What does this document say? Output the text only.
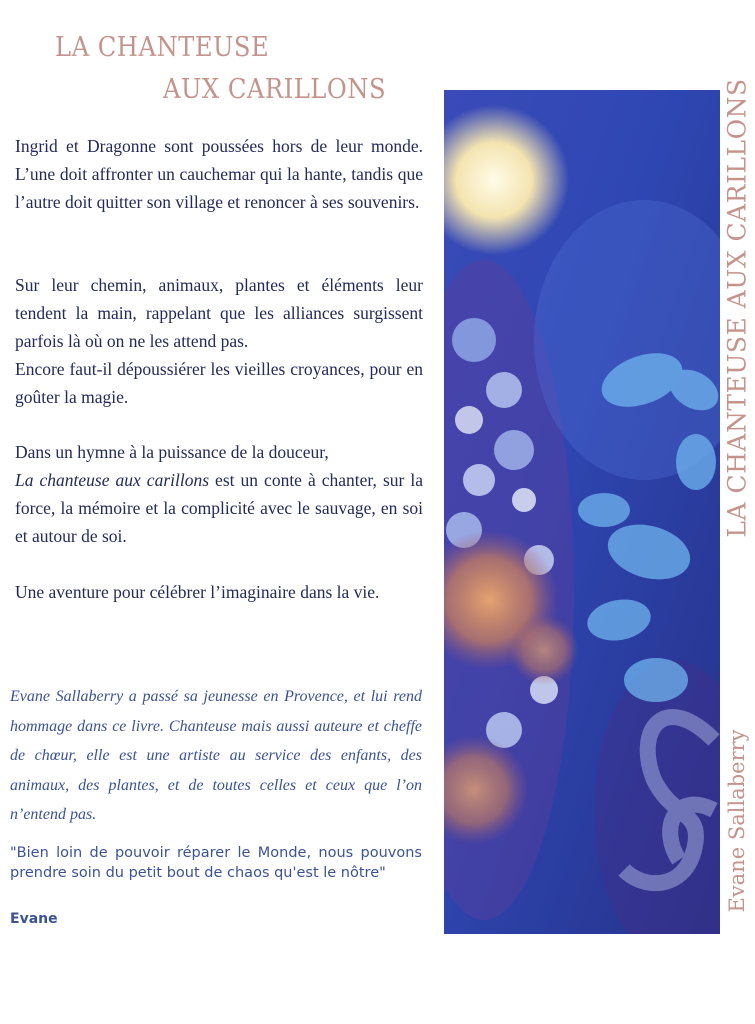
LA CHANTEUSE
AUX CARILLONS

Ingrid et Dragonne sont poussées hors de leur monde. L’une doit affronter un cauchemar qui la hante, tandis que l’autre doit quitter son village et renoncer à ses souvenirs.

Sur leur chemin, animaux, plantes et éléments leur tendent la main, rappelant que les alliances surgissent parfois là où on ne les attend pas.
Encore faut-il dépoussiérer les vieilles croyances, pour en goûter la magie.
Dans un hymne à la puissance de la douceur,
La chanteuse aux carillons est un conte à chanter, sur la force, la mémoire et la complicité avec le sauvage, en soi et autour de soi.

Une aventure pour célébrer l’imaginaire dans la vie.

Evane Sallaberry a passé sa jeunesse en Provence, et lui rend hommage dans ce livre. Chanteuse mais aussi auteure et cheffe de chœur, elle est une artiste au service des enfants, des animaux, des plantes, et de toutes celles et ceux que l’on n’entend pas.

"Bien loin de pouvoir réparer le Monde, nous pouvons prendre soin du petit bout de chaos qu'est le nôtre"

Evane
LA CHANTEUSE AUX CARILLONS
Evane Sallaberry
